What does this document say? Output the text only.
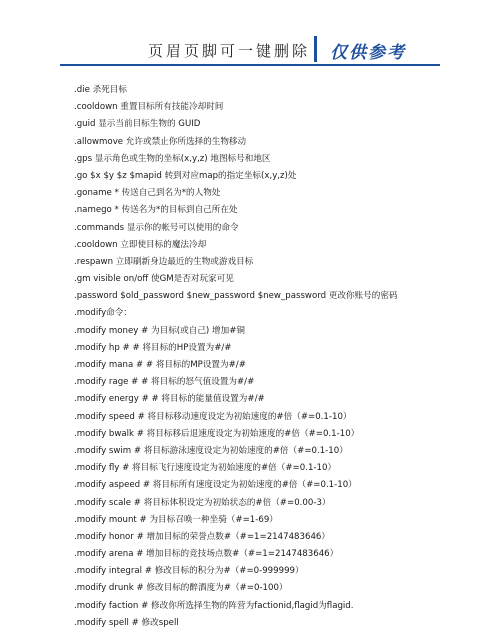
页眉页脚可一键删除 仅供参考
.die 杀死目标
.cooldown 重置目标所有技能冷却时间
.guid 显示当前目标生物的 GUID
.allowmove 允许或禁止你所选择的生物移动
.gps 显示角色或生物的坐标(x,y,z) 地图标号和地区
.go $x $y $z $mapid 转到对应map的指定坐标(x,y,z)处
.goname * 传送自己到名为*的人物处
.namego * 传送名为*的目标到自己所在处
.commands 显示你的帐号可以使用的命令
.cooldown 立即使目标的魔法冷却
.respawn 立即刷新身边最近的生物或游戏目标
.gm visible on/off 使GM是否对玩家可见
.password $old_password $new_password $new_password 更改你账号的密码
.modify命令：
.modify money # 为目标(或自己) 增加#铜
.modify hp # # 将目标的HP设置为#/#
.modify mana # # 将目标的MP设置为#/#
.modify rage # # 将目标的怒气值设置为#/#
.modify energy # # 将目标的能量值设置为#/#
.modify speed # 将目标移动速度设定为初始速度的#倍（#=0.1-10）
.modify bwalk # 将目标移后退速度设定为初始速度的#倍（#=0.1-10）
.modify swim # 将目标游泳速度设定为初始速度的#倍（#=0.1-10）
.modify fly # 将目标飞行速度设定为初始速度的#倍（#=0.1-10）
.modify aspeed # 将目标所有速度设定为初始速度的#倍（#=0.1-10）
.modify scale # 将目标体积设定为初始状态的#倍（#=0.00-3）
.modify mount # 为目标召唤一种坐骑（#=1-69）
.modify honor # 增加目标的荣誉点数#（#=1=2147483646）
.modify arena # 增加目标的竞技场点数#（#=1=2147483646）
.modify integral # 修改目标的积分为#（#=0-999999）
.modify drunk # 修改目标的醉酒度为#（#=0-100）
.modify faction # 修改你所选择生物的阵营为factionid,flagid为flagid.
.modify spell # 修改spell
